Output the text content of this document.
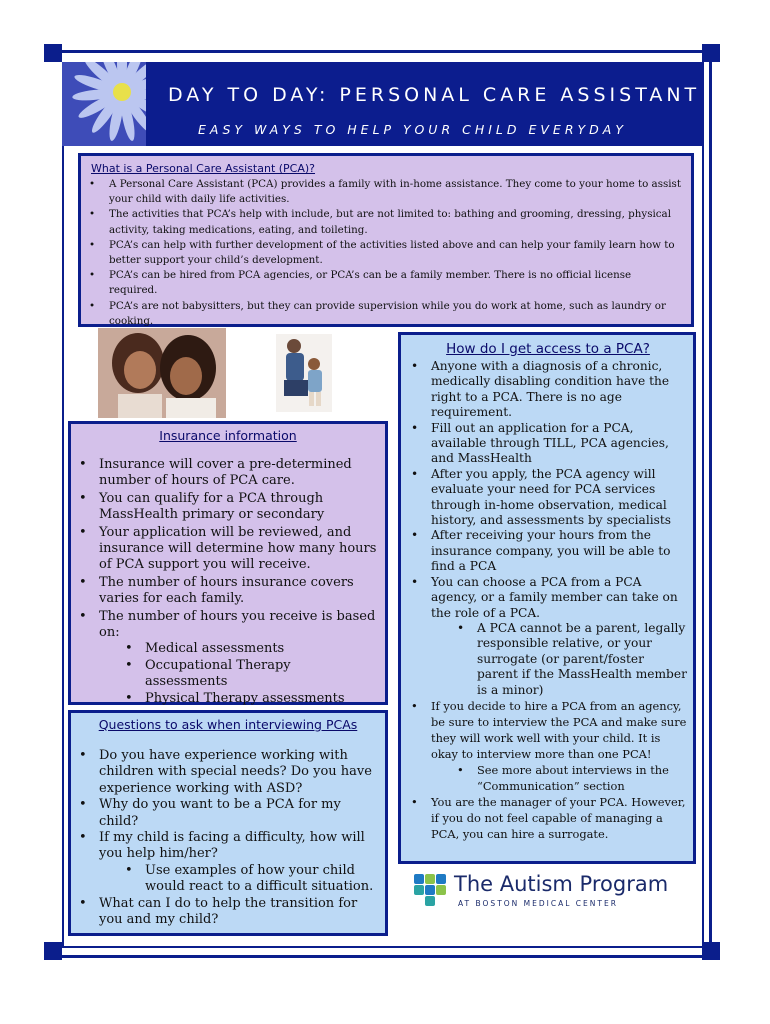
DAY TO DAY: PERSONAL CARE ASSISTANT
EASY WAYS TO HELP YOUR CHILD EVERYDAY
What is a Personal Care Assistant (PCA)?
• A Personal Care Assistant (PCA) provides a family with in-home assistance. They come to your home to assist your child with daily life activities.
• The activities that PCA’s help with include, but are not limited to: bathing and grooming, dressing, physical activity, taking medications, eating, and toileting.
• PCA’s can help with further development of the activities listed above and can help your family learn how to better support your child’s development.
• PCA’s can be hired from PCA agencies, or PCA’s can be a family member. There is no official license required.
• PCA’s are not babysitters, but they can provide supervision while you do work at home, such as laundry or cooking.
Insurance information
• Insurance will cover a pre-determined number of hours of PCA care.
• You can qualify for a PCA through MassHealth primary or secondary
• Your application will be reviewed, and insurance will determine how many hours of PCA support you will receive.
• The number of hours insurance covers varies for each family.
• The number of hours you receive is based on:
• Medical assessments
• Occupational Therapy assessments
• Physical Therapy assessments
Questions to ask when interviewing PCAs
• Do you have experience working with children with special needs? Do you have experience working with ASD?
• Why do you want to be a PCA for my child?
• If my child is facing a difficulty, how will you help him/her?
• Use examples of how your child would react to a difficult situation.
• What can I do to help the transition for you and my child?
How do I get access to a PCA?
• Anyone with a diagnosis of a chronic, medically disabling condition have the right to a PCA. There is no age requirement.
• Fill out an application for a PCA, available through TILL, PCA agencies, and MassHealth
• After you apply, the PCA agency will evaluate your need for PCA services through in-home observation, medical history, and assessments by specialists
• After receiving your hours from the insurance company, you will be able to find a PCA
• You can choose a PCA from a PCA agency, or a family member can take on the role of a PCA.
• A PCA cannot be a parent, legally responsible relative, or your surrogate (or parent/foster parent if the MassHealth member is a minor)
• If you decide to hire a PCA from an agency, be sure to interview the PCA and make sure they will work well with your child. It is okay to interview more than one PCA!
• See more about interviews in the “Communication” section
• You are the manager of your PCA. However, if you do not feel capable of managing a PCA, you can hire a surrogate.
The Autism Program
AT BOSTON MEDICAL CENTER
